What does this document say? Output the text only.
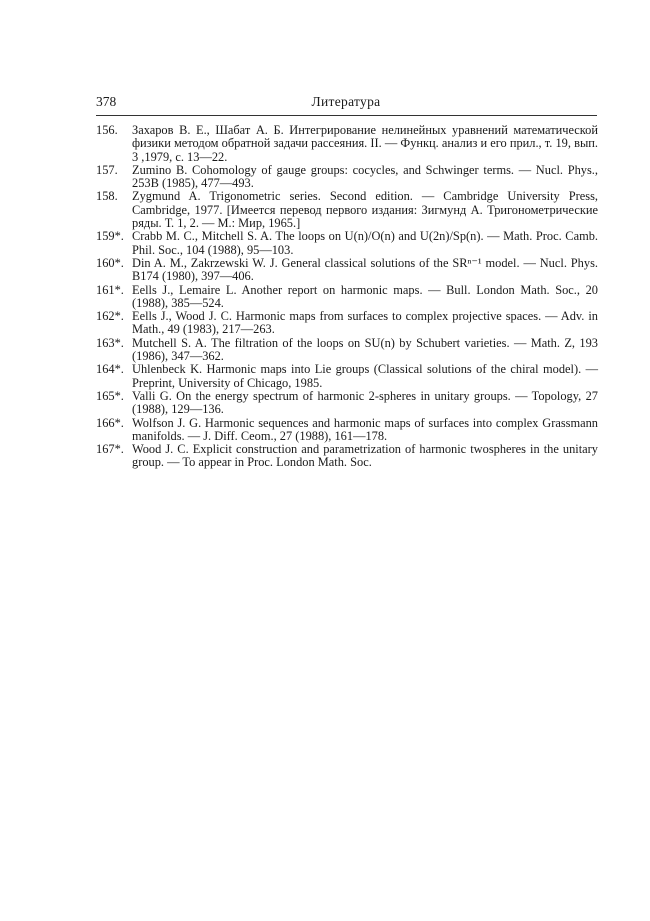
378	Литература
156.	Захаров В. Е., Шабат А. Б. Интегрирование нелинейных уравнений математической физики методом обратной задачи рассеяния. II. — Функц. анализ и его прил., т. 19, вып. 3 ,1979, с. 13—22.
157.	Zumino B. Cohomology of gauge groups: cocycles, and Schwinger terms. — Nucl. Phys., 253B (1985), 477—493.
158.	Zygmund A. Trigonometric series. Second edition. — Cambridge University Press, Cambridge, 1977. [Имеется перевод первого издания: Зигмунд А. Тригонометрические ряды. Т. 1, 2. — М.: Мир, 1965.]
159*. Crabb M. C., Mitchell S. A. The loops on U(n)/O(n) and U(2n)/Sp(n). — Math. Proc. Camb. Phil. Soc., 104 (1988), 95—103.
160*. Din A. M., Zakrzewski W. J. General classical solutions of the SRⁿ⁻¹ model. — Nucl. Phys. B174 (1980), 397—406.
161*. Eells J., Lemaire L. Another report on harmonic maps. — Bull. London Math. Soc., 20 (1988), 385—524.
162*. Eells J., Wood J. C. Harmonic maps from surfaces to complex projective spaces. — Adv. in Math., 49 (1983), 217—263.
163*. Mutchell S. A. The filtration of the loops on SU(n) by Schubert varieties. — Math. Z, 193 (1986), 347—362.
164*. Uhlenbeck K. Harmonic maps into Lie groups (Classical solutions of the chiral model). — Preprint, University of Chicago, 1985.
165*. Valli G. On the energy spectrum of harmonic 2-spheres in unitary groups. — Topology, 27 (1988), 129—136.
166*. Wolfson J. G. Harmonic sequences and harmonic maps of surfaces into complex Grassmann manifolds. — J. Diff. Ceom., 27 (1988), 161—178.
167*. Wood J. C. Explicit construction and parametrization of harmonic twospheres in the unitary group. — To appear in Proc. London Math. Soc.
